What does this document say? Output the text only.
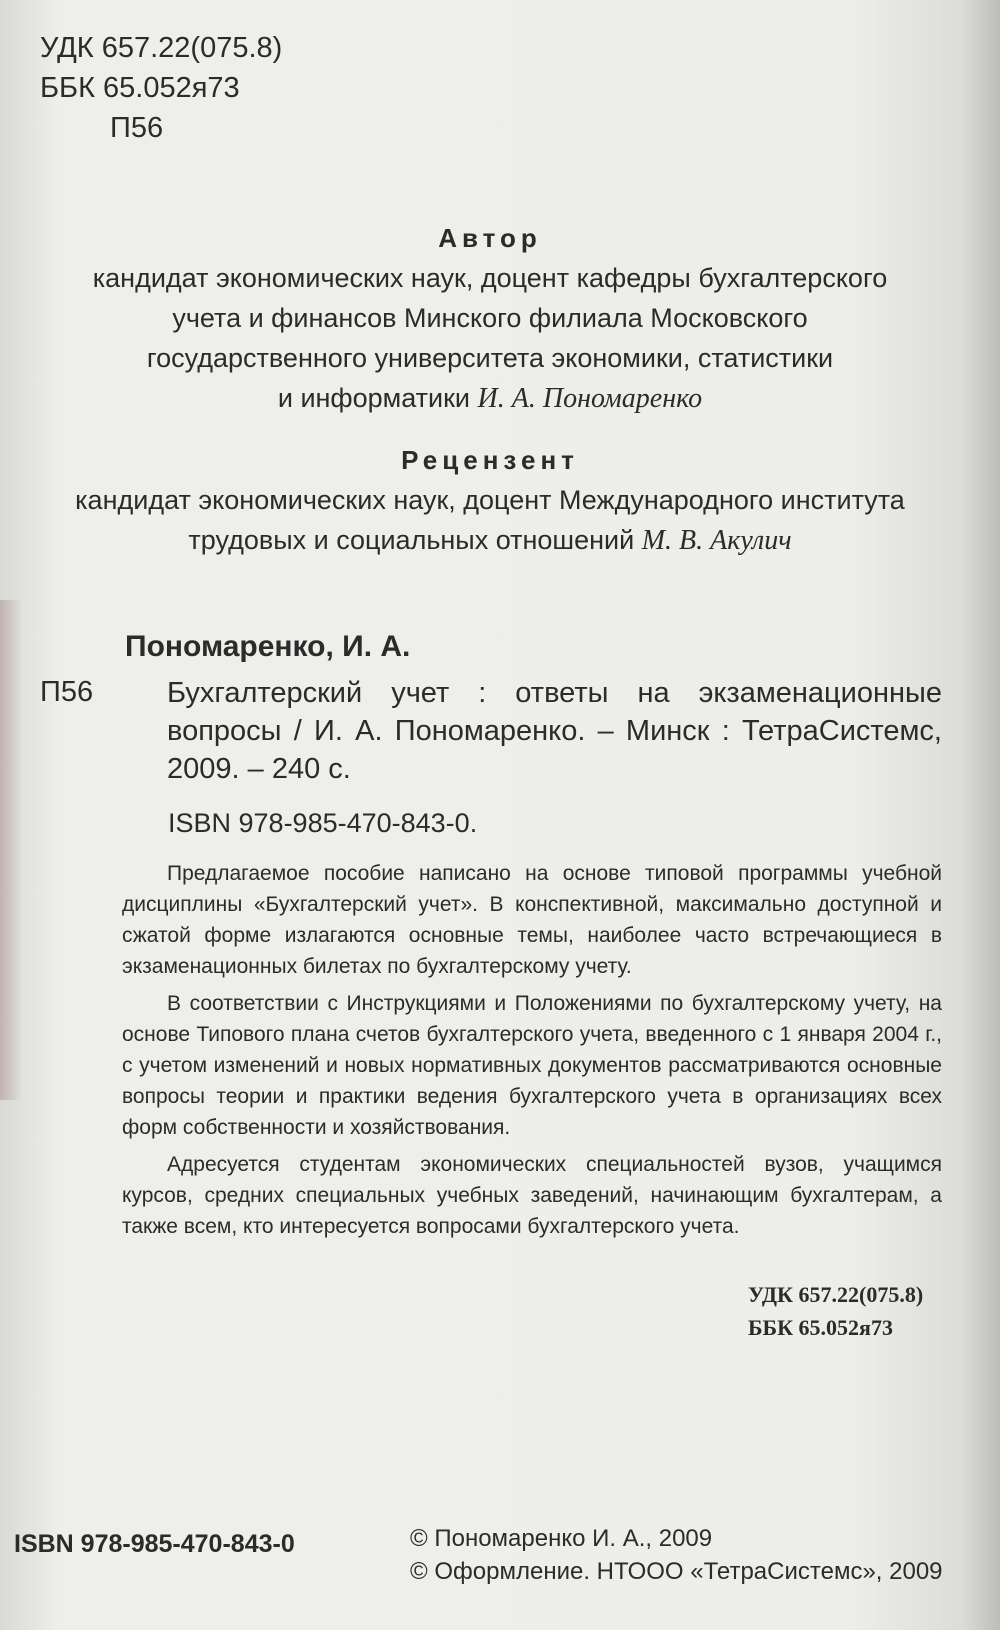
УДК 657.22(075.8)
ББК 65.052я73
П56
Автор
кандидат экономических наук, доцент кафедры бухгалтерского
учета и финансов Минского филиала Московского
государственного университета экономики, статистики
и информатики И. А. Пономаренко
Рецензент
кандидат экономических наук, доцент Международного института
трудовых и социальных отношений М. В. Акулич
Пономаренко, И. А.
П56	Бухгалтерский учет : ответы на экзаменационные вопросы / И. А. Пономаренко. – Минск : ТетраСистемс, 2009. – 240 с.
ISBN 978-985-470-843-0.

Предлагаемое пособие написано на основе типовой программы учебной дисциплины «Бухгалтерский учет». В конспективной, максимально доступной и сжатой форме излагаются основные темы, наиболее часто встречающиеся в экзаменационных билетах по бухгалтерскому учету.

В соответствии с Инструкциями и Положениями по бухгалтерскому учету, на основе Типового плана счетов бухгалтерского учета, введенного с 1 января 2004 г., с учетом изменений и новых нормативных документов рассматриваются основные вопросы теории и практики ведения бухгалтерского учета в организациях всех форм собственности и хозяйствования.

Адресуется студентам экономических специальностей вузов, учащимся курсов, средних специальных учебных заведений, начинающим бухгалтерам, а также всем, кто интересуется вопросами бухгалтерского учета.

УДК 657.22(075.8)
ББК 65.052я73
ISBN 978-985-470-843-0	© Пономаренко И. А., 2009
© Оформление. НТООО «ТетраСистемс», 2009
